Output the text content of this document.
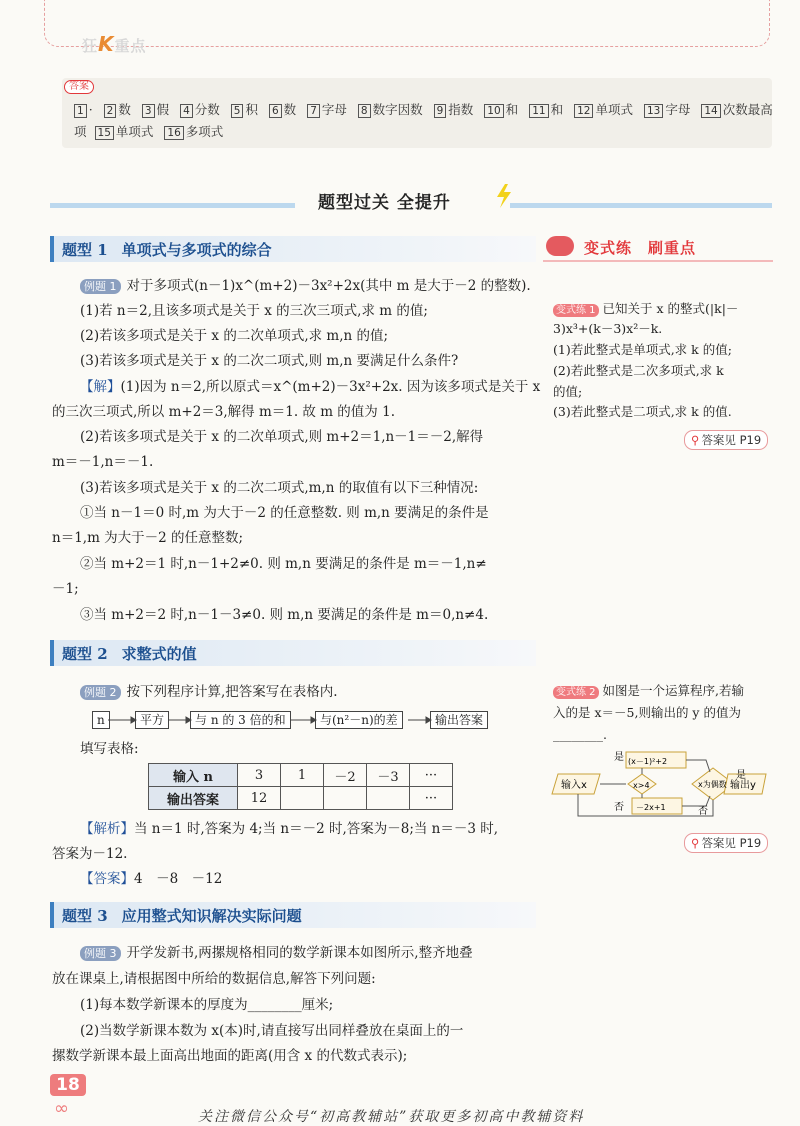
狂K重点
答案
1 · 2 数 3 假 4 分数 5 积 6 数 7 字母 8 数字因数 9 指数 10 和 11 和 12 单项式 13 字母 14 次数最高
项 15 单项式 16 多项式
题型过关 全提升
题型 1 单项式与多项式的综合
例题 1 对于多项式(n－1)x^(m+2)－3x²+2x(其中 m 是大于－2 的整数).
(1)若 n＝2,且该多项式是关于 x 的三次三项式,求 m 的值;
(2)若该多项式是关于 x 的二次单项式,求 m,n 的值;
(3)若该多项式是关于 x 的二次二项式,则 m,n 要满足什么条件?
【解】(1)因为 n＝2,所以原式＝x^(m+2)－3x²+2x. 因为该多项式是关于 x
的三次三项式,所以 m+2＝3,解得 m＝1. 故 m 的值为 1.
(2)若该多项式是关于 x 的二次单项式,则 m+2＝1,n－1＝－2,解得
m＝－1,n＝－1.
(3)若该多项式是关于 x 的二次二项式,m,n 的取值有以下三种情况:
①当 n－1＝0 时,m 为大于－2 的任意整数. 则 m,n 要满足的条件是
n＝1,m 为大于－2 的任意整数;
②当 m+2＝1 时,n－1+2≠0. 则 m,n 要满足的条件是 m＝－1,n≠
－1;
③当 m+2＝2 时,n－1－3≠0. 则 m,n 要满足的条件是 m＝0,n≠4.
题型 2 求整式的值
例题 2 按下列程序计算,把答案写在表格内.
n	平方	与 n 的 3 倍的和	与(n²－n)的差	输出答案
填写表格:
输入 n	3	1	－2	－3	···
输出答案	12				···
【解析】当 n＝1 时,答案为 4;当 n＝－2 时,答案为－8;当 n＝－3 时,
答案为－12.
【答案】4　－8　－12
题型 3 应用整式知识解决实际问题
例题 3 开学发新书,两摞规格相同的数学新课本如图所示,整齐地叠
放在课桌上,请根据图中所给的数据信息,解答下列问题:
(1)每本数学新课本的厚度为________厘米;
(2)当数学新课本数为 x(本)时,请直接写出同样叠放在桌面上的一
摞数学新课本最上面高出地面的距离(用含 x 的代数式表示);
变式练　刷重点
变式练 1 已知关于 x 的整式(|k|－
3)x³+(k－3)x²－k.
(1)若此整式是单项式,求 k 的值;
(2)若此整式是二次多项式,求 k
的值;
(3)若此整式是二项式,求 k 的值.
⚲ 答案见 P19
变式练 2 如图是一个运算程序,若输
入的是 x＝－5,则输出的 y 的值为
________.
输入x	x>4
(x－1)²+2
－2x+1
x为偶数 输出y
是
是
否	否
⚲ 答案见 P19
18
∞	关注微信公众号“初高教辅站”获取更多初高中教辅资料
